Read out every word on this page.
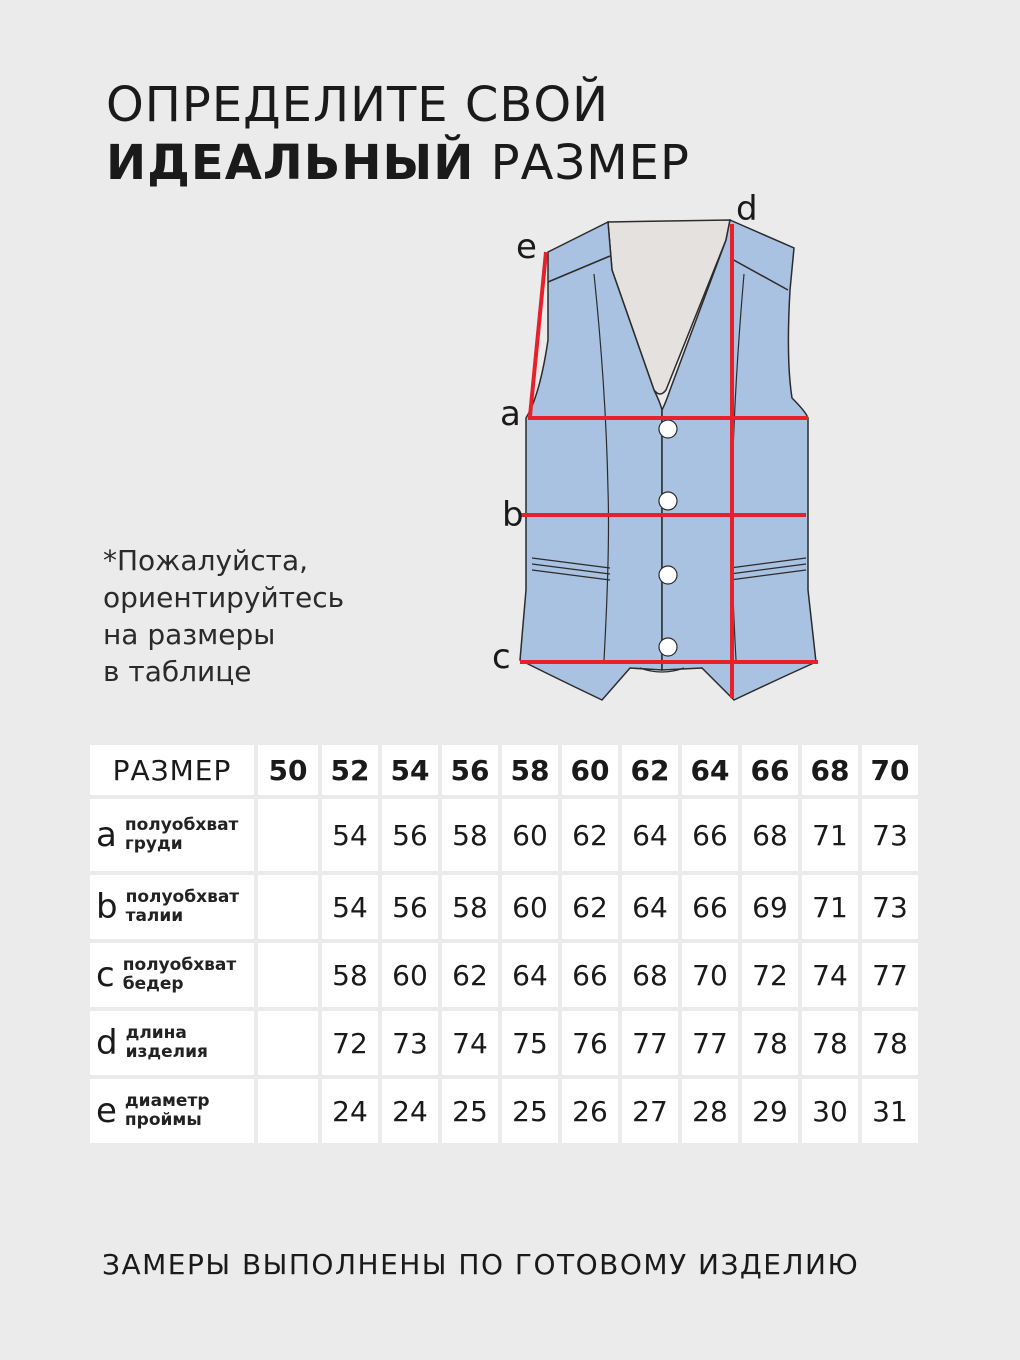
ОПРЕДЕЛИТЕ СВОЙ
ИДЕАЛЬНЫЙ РАЗМЕР
*Пожалуйста,
ориентируйтесь
на размеры
в таблице
e
d
a
b
c
РАЗМЕР	50	52	54	56	58	60	62	64	66	68	70

a полуобхват
груди		54	56	58	60	62	64	66	68	71	73

b полуобхват
талии		54	56	58	60	62	64	66	69	71	73

c полуобхват
бедер		58	60	62	64	66	68	70	72	74	77

d длина
изделия		72	73	74	75	76	77	77	78	78	78

e диаметр
проймы		24	24	25	25	26	27	28	29	30	31
ЗАМЕРЫ ВЫПОЛНЕНЫ ПО ГОТОВОМУ ИЗДЕЛИЮ
